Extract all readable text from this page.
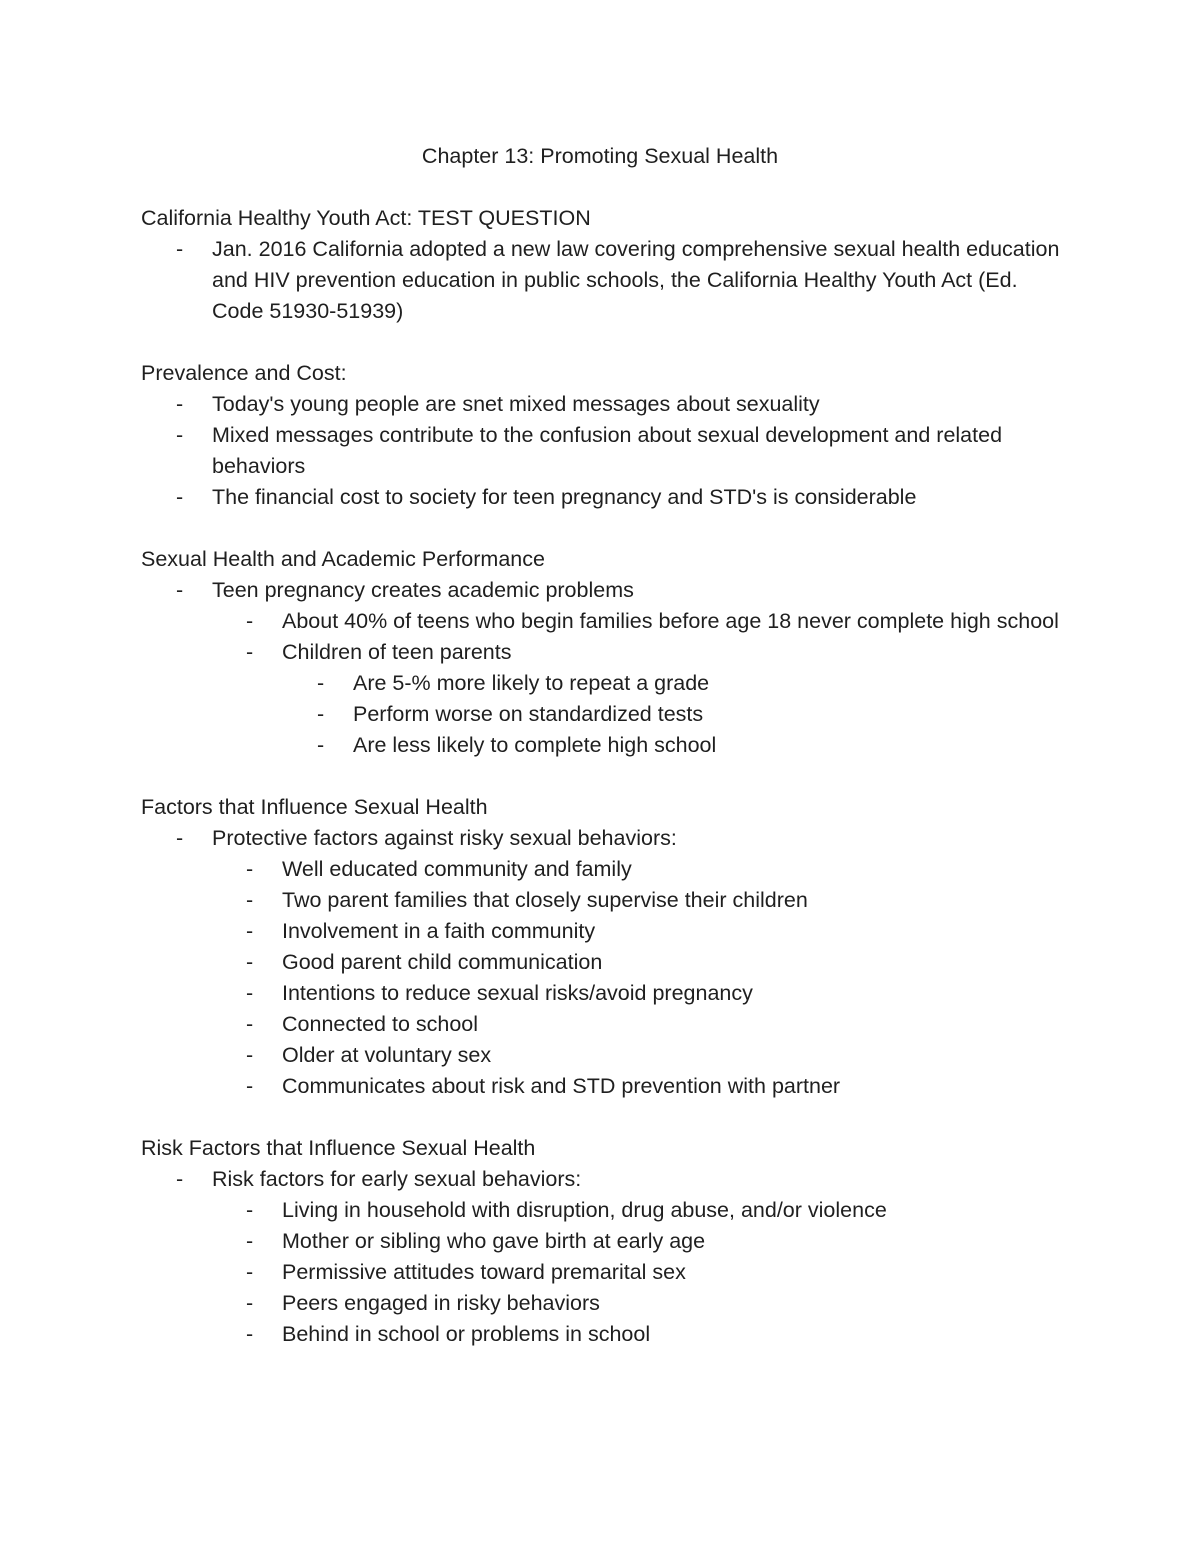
Chapter 13: Promoting Sexual Health
California Healthy Youth Act: TEST QUESTION
- Jan. 2016 California adopted a new law covering comprehensive sexual health education and HIV prevention education in public schools, the California Healthy Youth Act (Ed. Code 51930-51939)
Prevalence and Cost:
- Today's young people are snet mixed messages about sexuality
- Mixed messages contribute to the confusion about sexual development and related behaviors
- The financial cost to society for teen pregnancy and STD's is considerable
Sexual Health and Academic Performance
- Teen pregnancy creates academic problems
- About 40% of teens who begin families before age 18 never complete high school
- Children of teen parents
- Are 5-% more likely to repeat a grade
- Perform worse on standardized tests
- Are less likely to complete high school
Factors that Influence Sexual Health
- Protective factors against risky sexual behaviors:
- Well educated community and family
- Two parent families that closely supervise their children
- Involvement in a faith community
- Good parent child communication
- Intentions to reduce sexual risks/avoid pregnancy
- Connected to school
- Older at voluntary sex
- Communicates about risk and STD prevention with partner
Risk Factors that Influence Sexual Health
- Risk factors for early sexual behaviors:
- Living in household with disruption, drug abuse, and/or violence
- Mother or sibling who gave birth at early age
- Permissive attitudes toward premarital sex
- Peers engaged in risky behaviors
- Behind in school or problems in school
